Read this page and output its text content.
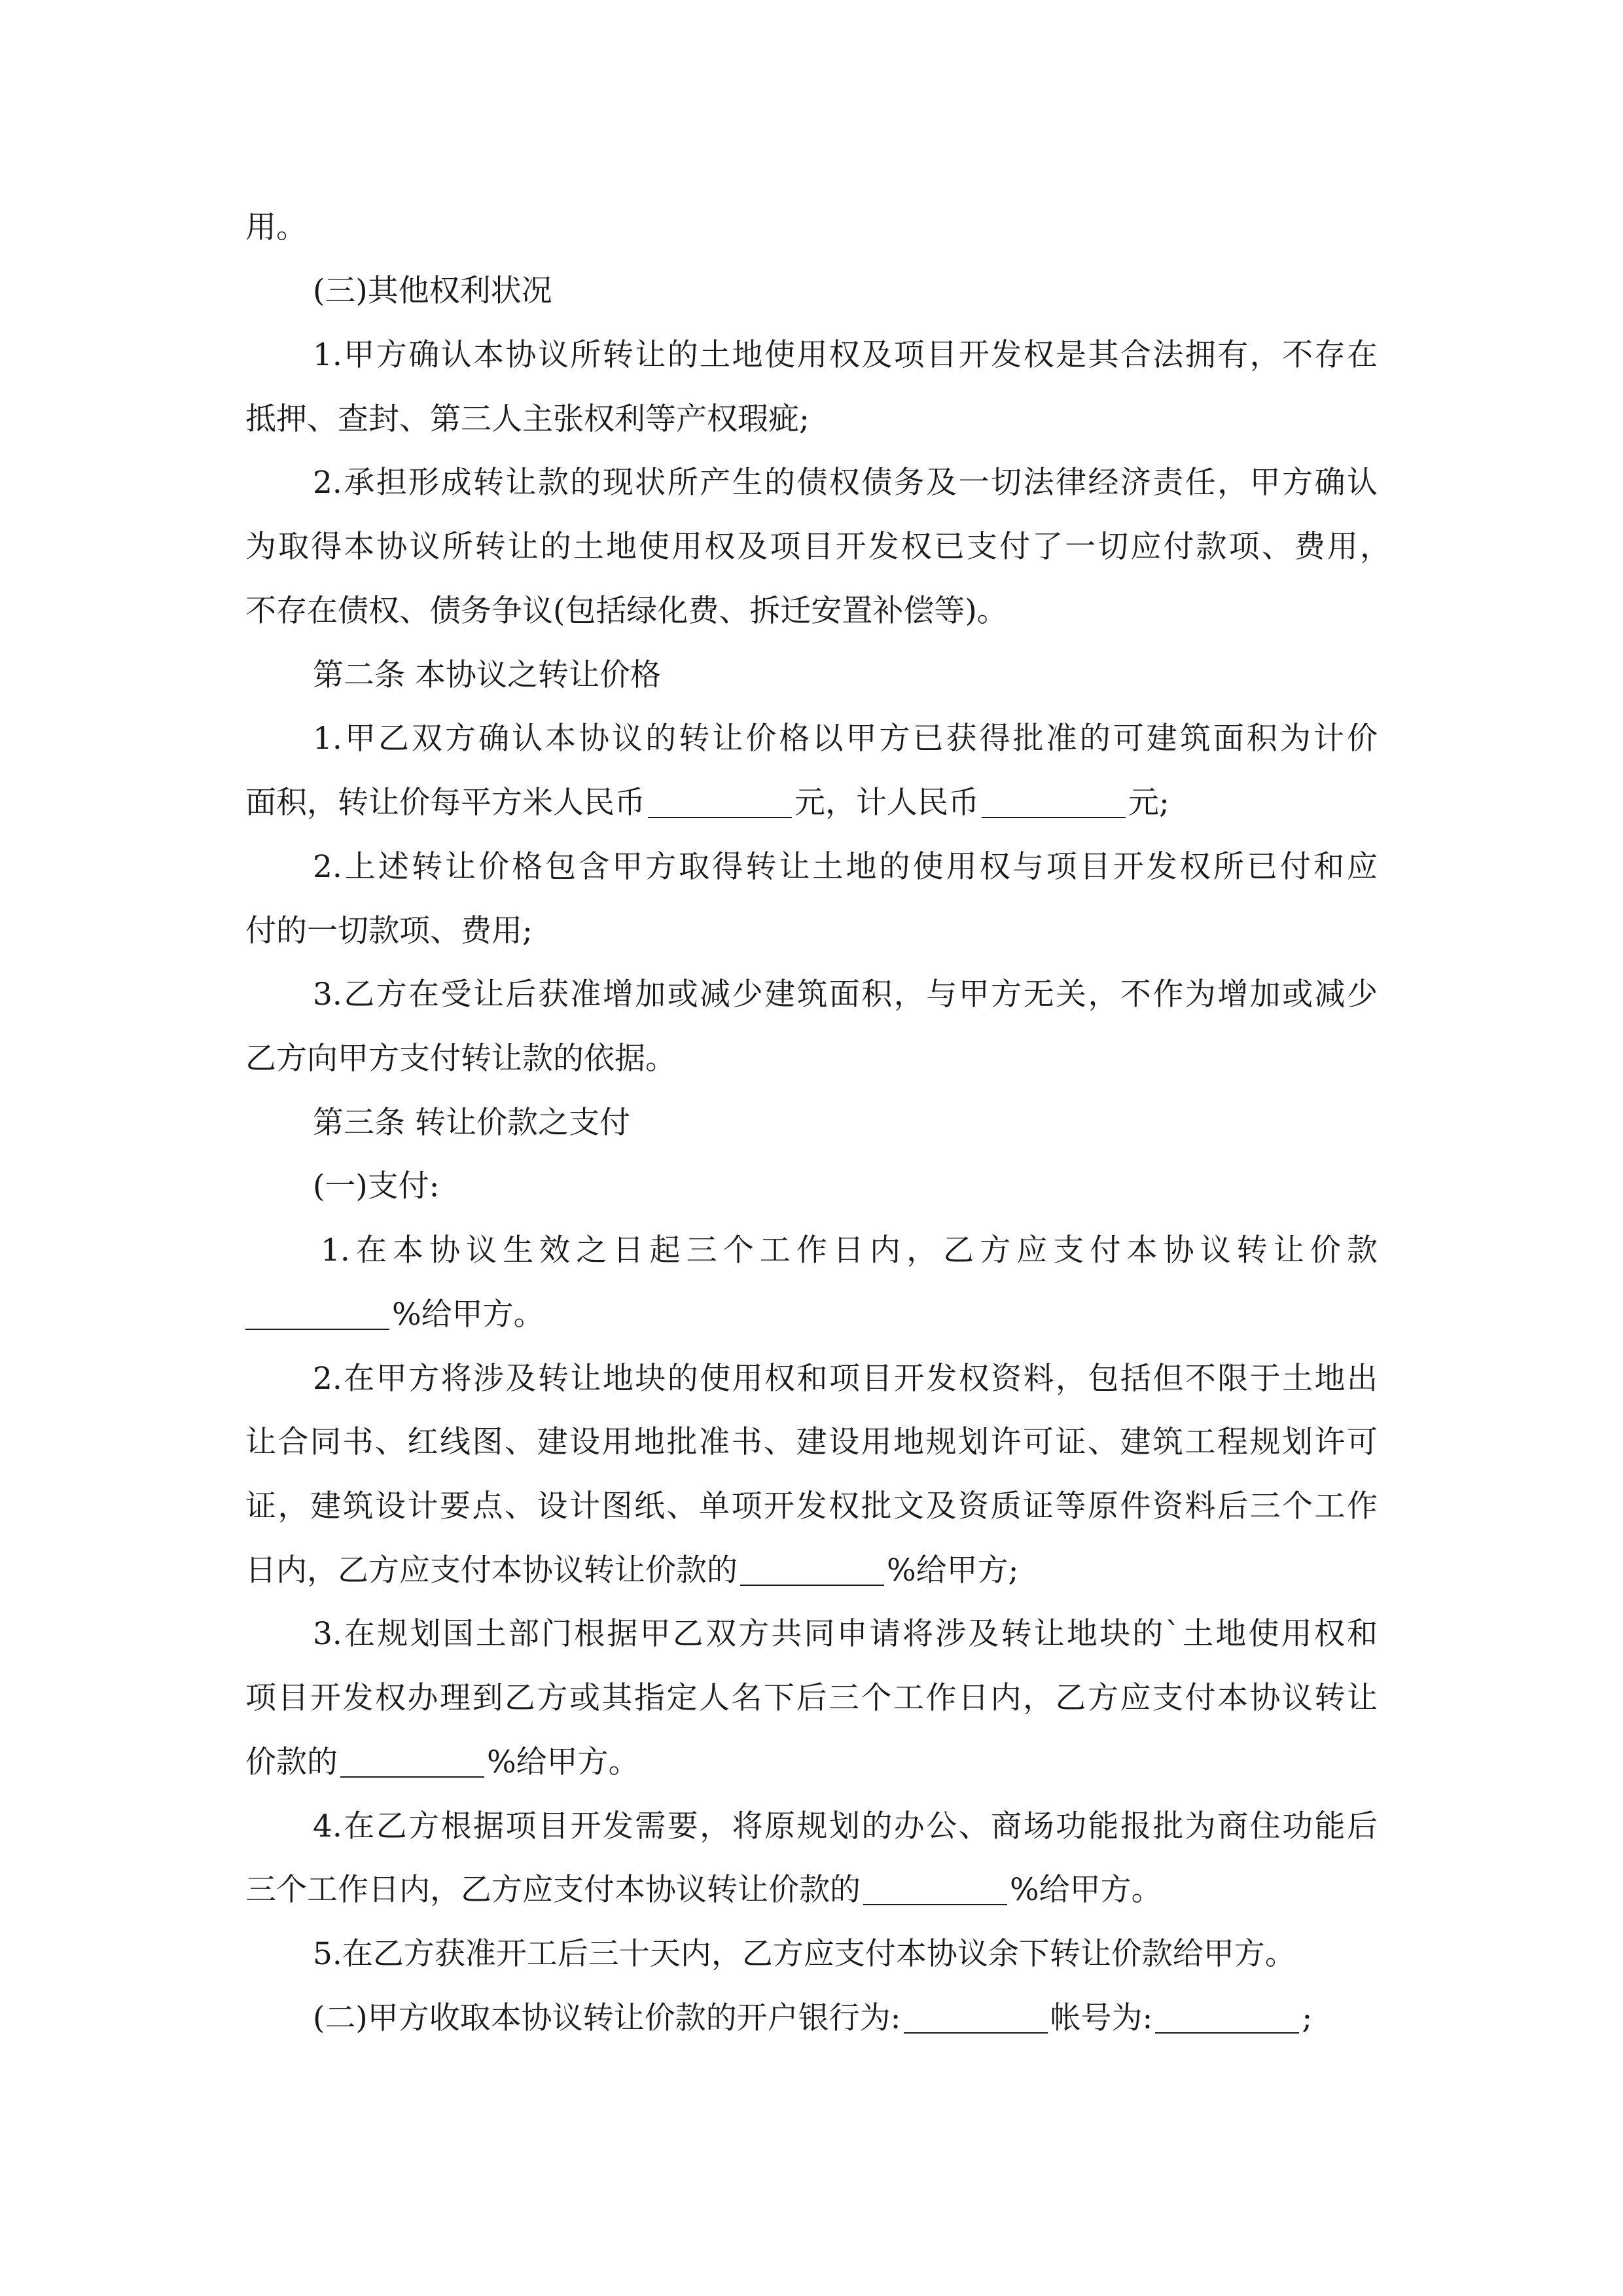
用。
(三)其他权利状况
1.甲方确认本协议所转让的土地使用权及项目开发权是其合法拥有，不存在
抵押、查封、第三人主张权利等产权瑕疵;
2.承担形成转让款的现状所产生的债权债务及一切法律经济责任，甲方确认
为取得本协议所转让的土地使用权及项目开发权已支付了一切应付款项、费用，
不存在债权、债务争议(包括绿化费、拆迁安置补偿等)。
第二条 本协议之转让价格
1.甲乙双方确认本协议的转让价格以甲方已获得批准的可建筑面积为计价
面积，转让价每平方米人民币	元，计人民币	元;
2.上述转让价格包含甲方取得转让土地的使用权与项目开发权所已付和应
付的一切款项、费用;
3.乙方在受让后获准增加或减少建筑面积，与甲方无关，不作为增加或减少
乙方向甲方支付转让款的依据。
第三条 转让价款之支付
(一)支付:
1.在本协议生效之日起三个工作日内，乙方应支付本协议转让价款
%给甲方。
2.在甲方将涉及转让地块的使用权和项目开发权资料，包括但不限于土地出
让合同书、红线图、建设用地批准书、建设用地规划许可证、建筑工程规划许可
证，建筑设计要点、设计图纸、单项开发权批文及资质证等原件资料后三个工作
日内，乙方应支付本协议转让价款的	%给甲方;
3.在规划国土部门根据甲乙双方共同申请将涉及转让地块的`土地使用权和
项目开发权办理到乙方或其指定人名下后三个工作日内，乙方应支付本协议转让
价款的	%给甲方。
4.在乙方根据项目开发需要，将原规划的办公、商场功能报批为商住功能后
三个工作日内，乙方应支付本协议转让价款的	%给甲方。
5.在乙方获准开工后三十天内，乙方应支付本协议余下转让价款给甲方。
(二)甲方收取本协议转让价款的开户银行为:	帐号为:	;
